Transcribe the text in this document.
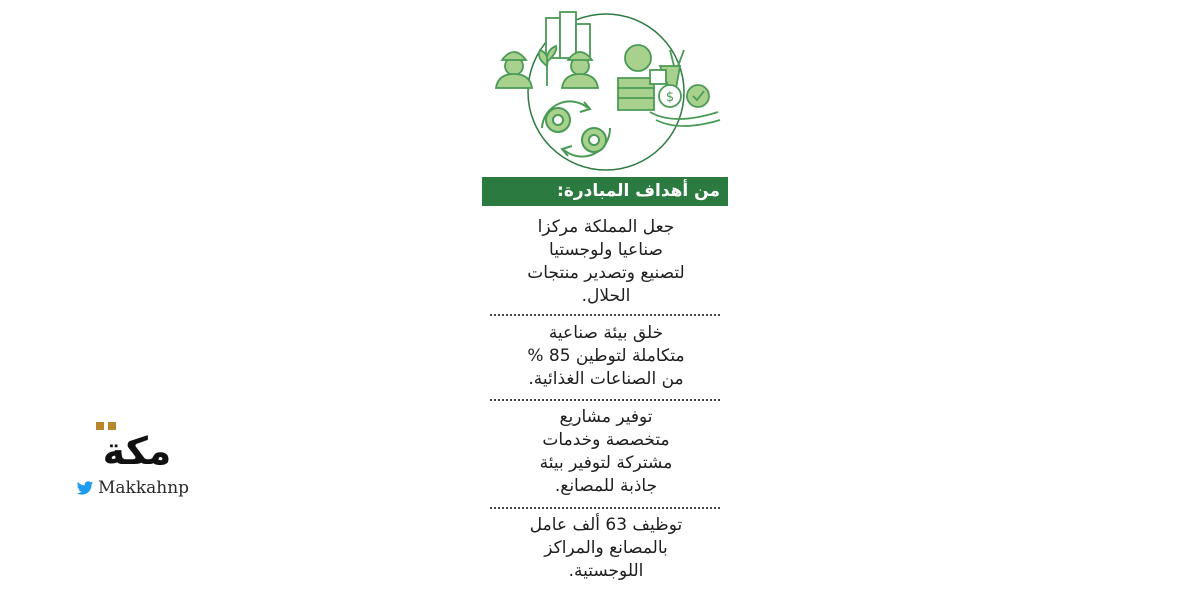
$
من أهداف المبادرة:

جعل المملكة مركزا

صناعيا ولوجستيا

لتصنيع وتصدير منتجات

الحلال.

خلق بيئة صناعية

متكاملة لتوطين 85 %

من الصناعات الغذائية.

توفير مشاريع

متخصصة وخدمات

مشتركة لتوفير بيئة

جاذبة للمصانع.

توظيف 63 ألف عامل

بالمصانع والمراكز

اللوجستية.

مكة
Makkahnp
